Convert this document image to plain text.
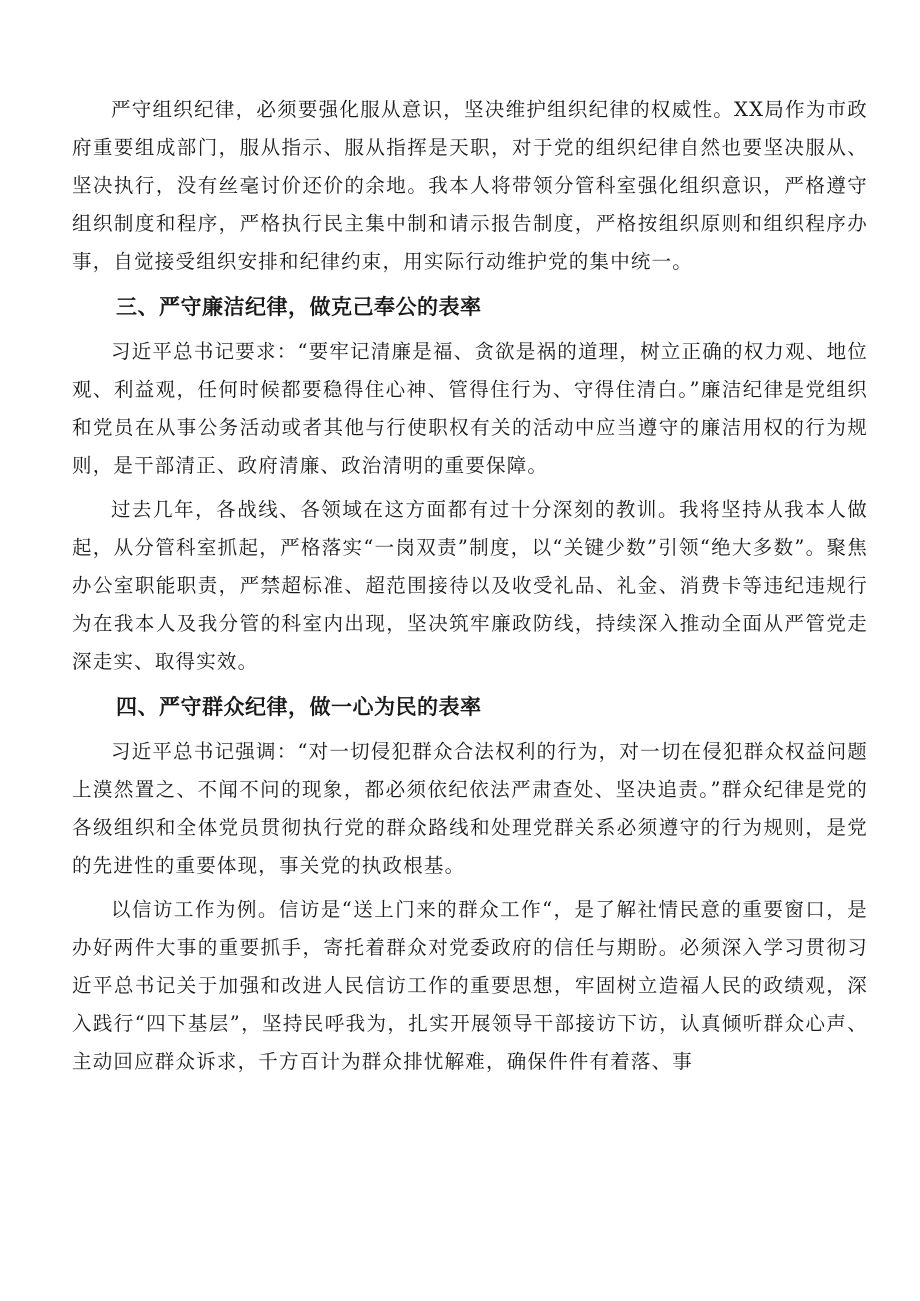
严守组织纪律，必须要强化服从意识，坚决维护组织纪律的权威性。XX局作为市政府重要组成部门，服从指示、服从指挥是天职，对于党的组织纪律自然也要坚决服从、坚决执行，没有丝毫讨价还价的余地。我本人将带领分管科室强化组织意识，严格遵守组织制度和程序，严格执行民主集中制和请示报告制度，严格按组织原则和组织程序办事，自觉接受组织安排和纪律约束，用实际行动维护党的集中统一。

三、严守廉洁纪律，做克己奉公的表率

习近平总书记要求：“要牢记清廉是福、贪欲是祸的道理，树立正确的权力观、地位观、利益观，任何时候都要稳得住心神、管得住行为、守得住清白。”廉洁纪律是党组织和党员在从事公务活动或者其他与行使职权有关的活动中应当遵守的廉洁用权的行为规则，是干部清正、政府清廉、政治清明的重要保障。

过去几年，各战线、各领域在这方面都有过十分深刻的教训。我将坚持从我本人做起，从分管科室抓起，严格落实“一岗双责”制度，以“关键少数”引领“绝大多数”。聚焦办公室职能职责，严禁超标准、超范围接待以及收受礼品、礼金、消费卡等违纪违规行为在我本人及我分管的科室内出现，坚决筑牢廉政防线，持续深入推动全面从严管党走深走实、取得实效。

四、严守群众纪律，做一心为民的表率

习近平总书记强调：“对一切侵犯群众合法权利的行为，对一切在侵犯群众权益问题上漠然置之、不闻不问的现象，都必须依纪依法严肃查处、坚决追责。”群众纪律是党的各级组织和全体党员贯彻执行党的群众路线和处理党群关系必须遵守的行为规则，是党的先进性的重要体现，事关党的执政根基。

以信访工作为例。信访是“送上门来的群众工作“，是了解社情民意的重要窗口，是办好两件大事的重要抓手，寄托着群众对党委政府的信任与期盼。必须深入学习贯彻习近平总书记关于加强和改进人民信访工作的重要思想，牢固树立造福人民的政绩观，深入践行“四下基层”，坚持民呼我为，扎实开展领导干部接访下访，认真倾听群众心声、主动回应群众诉求，千方百计为群众排忧解难，确保件件有着落、事
